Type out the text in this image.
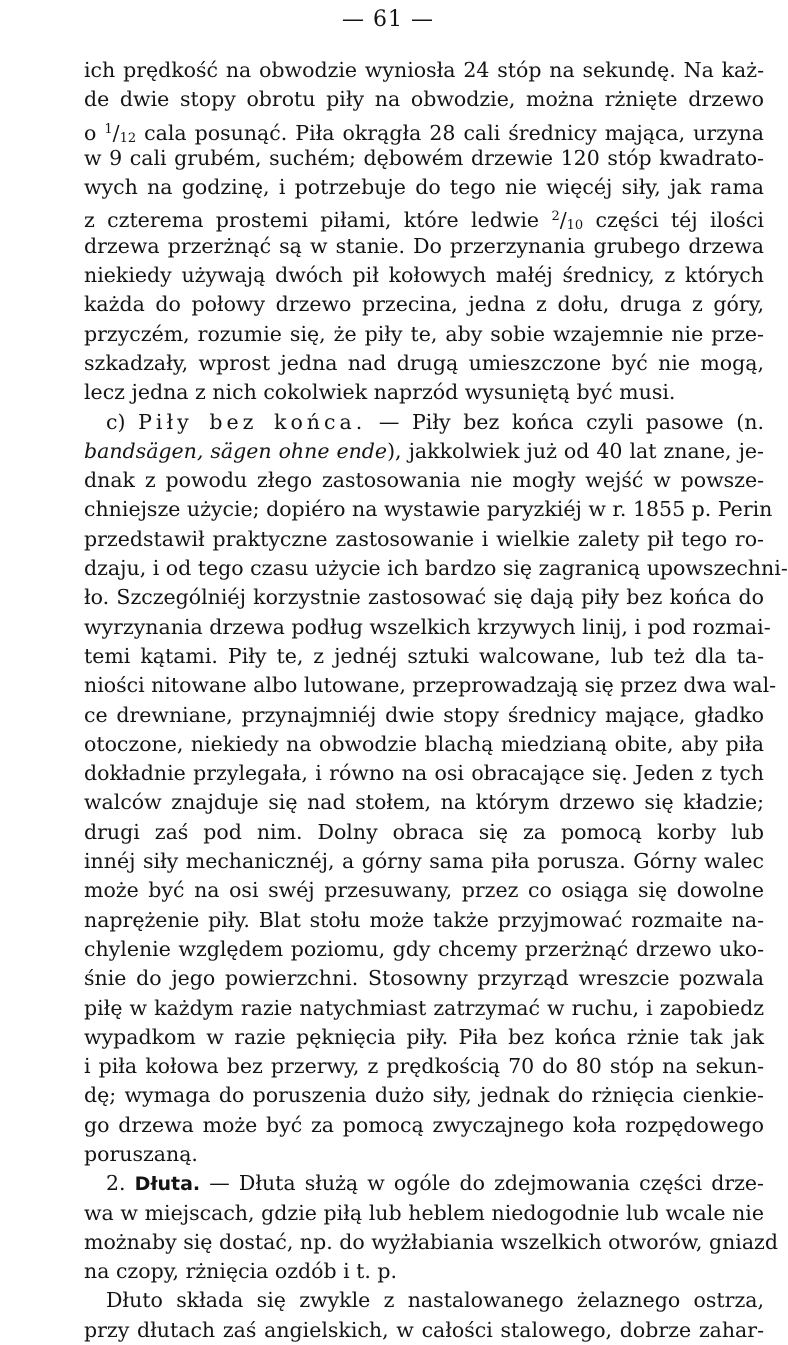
— 61 —
ich prędkość na obwodzie wyniosła 24 stóp na sekundę. Na każ-
de dwie stopy obrotu piły na obwodzie, można rżnięte drzewo
o $^1$/12 cala posunąć. Piła okrągła 28 cali średnicy mająca, urzyna
w 9 cali grubém, suchém; dębowém drzewie 120 stóp kwadrato-
wych na godzinę, i potrzebuje do tego nie więcéj siły, jak rama
z czterema prostemi piłami, które ledwie $^2$/10 części téj ilości
drzewa przerżnąć są w stanie. Do przerzynania grubego drzewa
niekiedy używają dwóch pił kołowych małéj średnicy, z których
każda do połowy drzewo przecina, jedna z dołu, druga z góry,
przyczém, rozumie się, że piły te, aby sobie wzajemnie nie prze-
szkadzały, wprost jedna nad drugą umieszczone być nie mogą,
lecz jedna z nich cokolwiek naprzód wysuniętą być musi.
c) Piły bez końca. — Piły bez końca czyli pasowe (n.
bandsägen, sägen ohne ende), jakkolwiek już od 40 lat znane, je-
dnak z powodu złego zastosowania nie mogły wejść w powsze-
chniejsze użycie; dopiéro na wystawie paryzkiéj w r. 1855 p. Perin
przedstawił praktyczne zastosowanie i wielkie zalety pił tego ro-
dzaju, i od tego czasu użycie ich bardzo się zagranicą upowszechni-
ło. Szczególniéj korzystnie zastosować się dają piły bez końca do
wyrzynania drzewa podług wszelkich krzywych linij, i pod rozmai-
temi kątami. Piły te, z jednéj sztuki walcowane, lub też dla ta-
niości nitowane albo lutowane, przeprowadzają się przez dwa wal-
ce drewniane, przynajmniéj dwie stopy średnicy mające, gładko
otoczone, niekiedy na obwodzie blachą miedzianą obite, aby piła
dokładnie przylegała, i równo na osi obracające się. Jeden z tych
walców znajduje się nad stołem, na którym drzewo się kładzie;
drugi zaś pod nim. Dolny obraca się za pomocą korby lub
innéj siły mechanicznéj, a górny sama piła porusza. Górny walec
może być na osi swéj przesuwany, przez co osiąga się dowolne
naprężenie piły. Blat stołu może także przyjmować rozmaite na-
chylenie względem poziomu, gdy chcemy przerżnąć drzewo uko-
śnie do jego powierzchni. Stosowny przyrząd wreszcie pozwala
piłę w każdym razie natychmiast zatrzymać w ruchu, i zapobiedz
wypadkom w razie pęknięcia piły. Piła bez końca rżnie tak jak
i piła kołowa bez przerwy, z prędkością 70 do 80 stóp na sekun-
dę; wymaga do poruszenia dużo siły, jednak do rżnięcia cienkie-
go drzewa może być za pomocą zwyczajnego koła rozpędowego
poruszaną.
2. Dłuta. — Dłuta służą w ogóle do zdejmowania części drze-
wa w miejscach, gdzie piłą lub heblem niedogodnie lub wcale nie
możnaby się dostać, np. do wyżłabiania wszelkich otworów, gniazd
na czopy, rżnięcia ozdób i t. p.
Dłuto składa się zwykle z nastalowanego żelaznego ostrza,
przy dłutach zaś angielskich, w całości stalowego, dobrze zahar-
